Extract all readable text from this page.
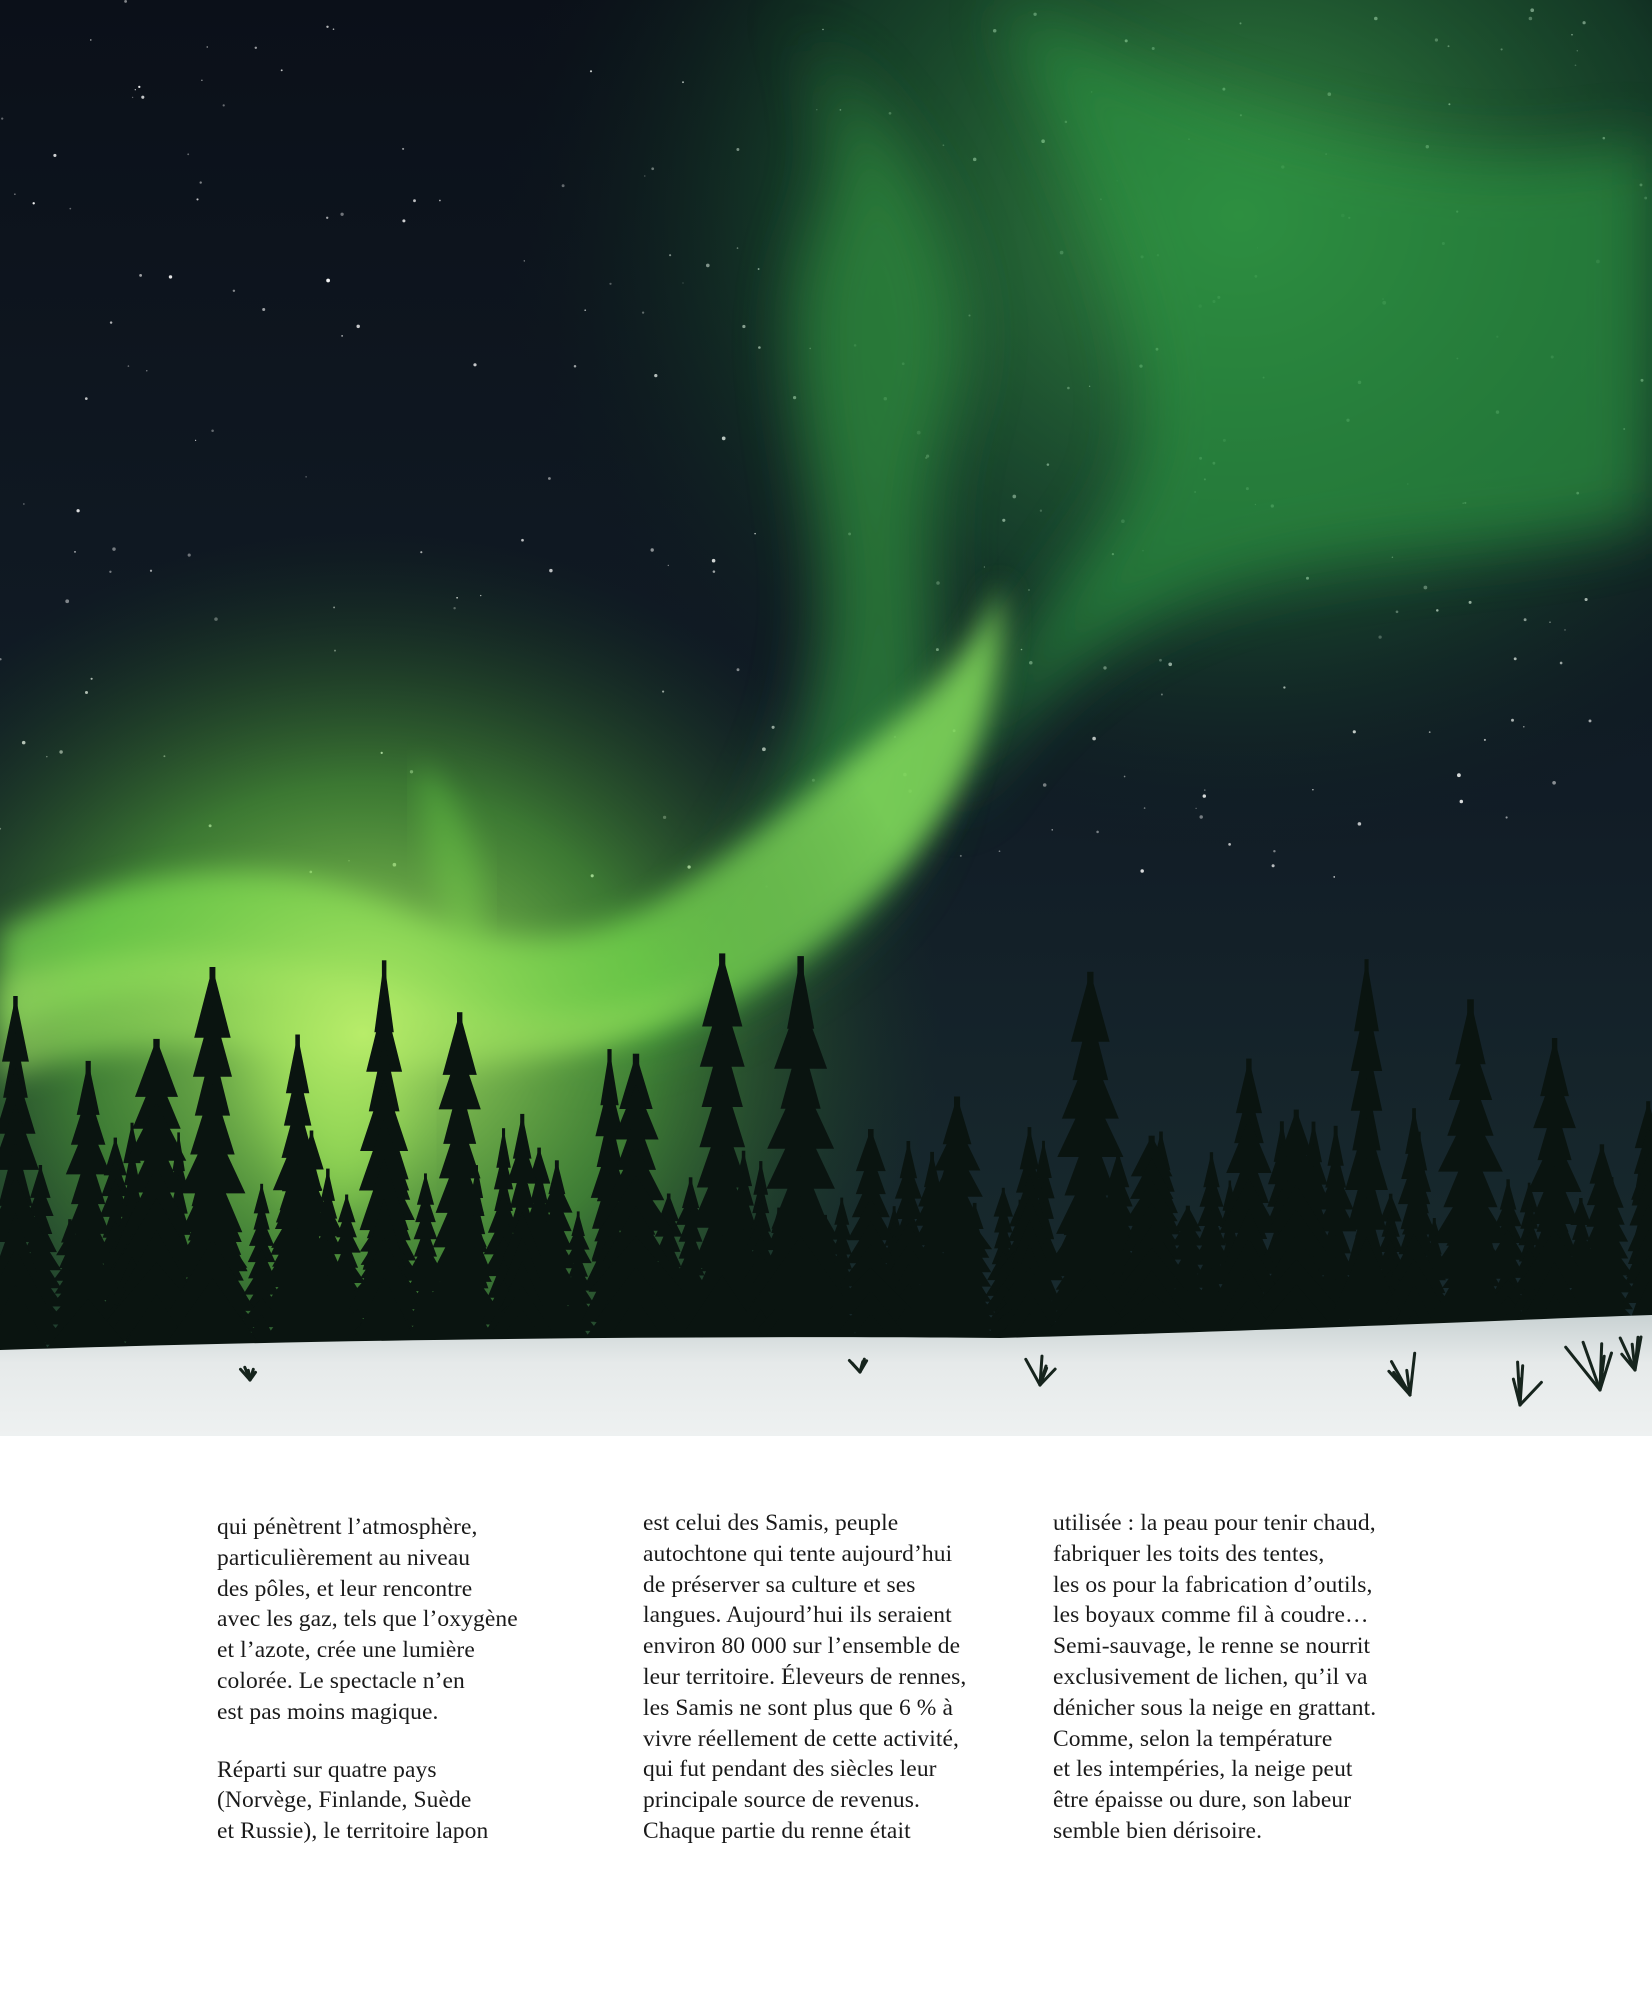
qui pénètrent l’atmosphère,
particulièrement au niveau
des pôles, et leur rencontre
avec les gaz, tels que l’oxygène
et l’azote, crée une lumière
colorée. Le spectacle n’en
est pas moins magique.

Réparti sur quatre pays
(Norvège, Finlande, Suède
et Russie), le territoire lapon

est celui des Samis, peuple
autochtone qui tente aujourd’hui
de préserver sa culture et ses
langues. Aujourd’hui ils seraient
environ 80 000 sur l’ensemble de
leur territoire. Éleveurs de rennes,
les Samis ne sont plus que 6 % à
vivre réellement de cette activité,
qui fut pendant des siècles leur
principale source de revenus.
Chaque partie du renne était

utilisée : la peau pour tenir chaud,
fabriquer les toits des tentes,
les os pour la fabrication d’outils,
les boyaux comme fil à coudre…
Semi-sauvage, le renne se nourrit
exclusivement de lichen, qu’il va
dénicher sous la neige en grattant.
Comme, selon la température
et les intempéries, la neige peut
être épaisse ou dure, son labeur
semble bien dérisoire.
